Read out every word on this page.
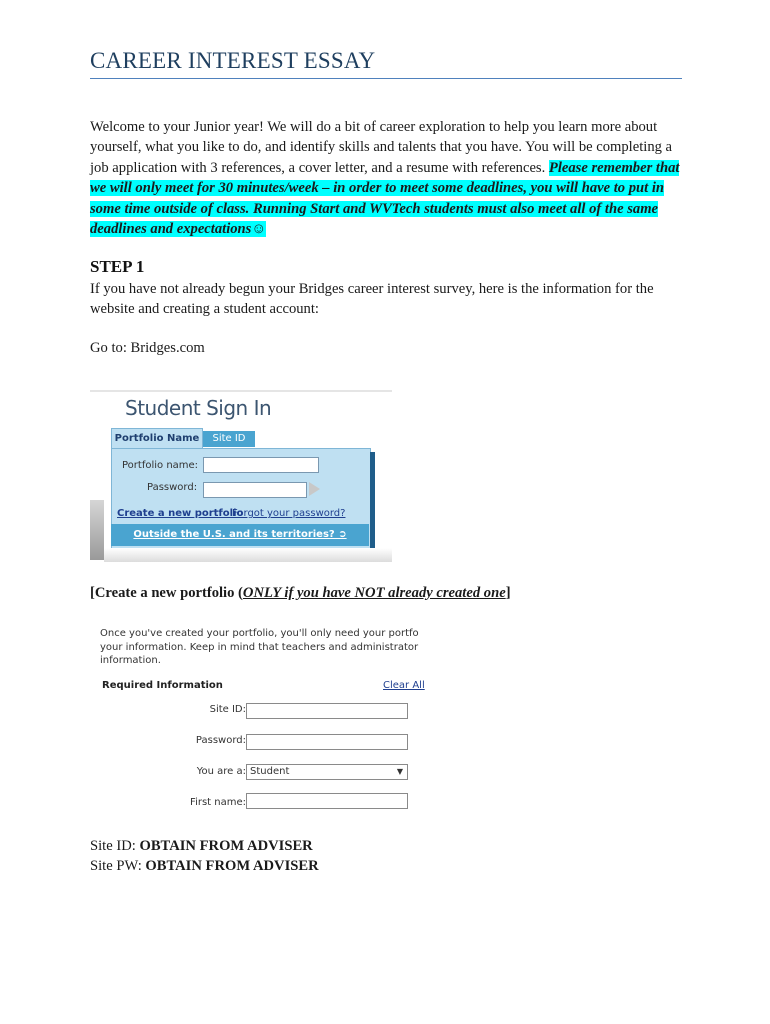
CAREER INTEREST ESSAY
Welcome to your Junior year! We will do a bit of career exploration to help you learn more about yourself, what you like to do, and identify skills and talents that you have. You will be completing a job application with 3 references, a cover letter, and a resume with references. Please remember that we will only meet for 30 minutes/week – in order to meet some deadlines, you will have to put in some time outside of class. Running Start and WVTech students must also meet all of the same deadlines and expectations☺
STEP 1
If you have not already begun your Bridges career interest survey, here is the information for the website and creating a student account:
Go to: Bridges.com
Student Sign In
Portfolio Name	Site ID
Portfolio name:
Password:
Create a new portfolio
Forgot your password?
Outside the U.S. and its territories? ➲
[Create a new portfolio (ONLY if you have NOT already created one]
Once you've created your portfolio, you'll only need your portfo your information. Keep in mind that teachers and administrator information.
Required Information	Clear All
Site ID:
Password:
You are a: Student	▼
First name:
Site ID: OBTAIN FROM ADVISER
Site PW: OBTAIN FROM ADVISER
